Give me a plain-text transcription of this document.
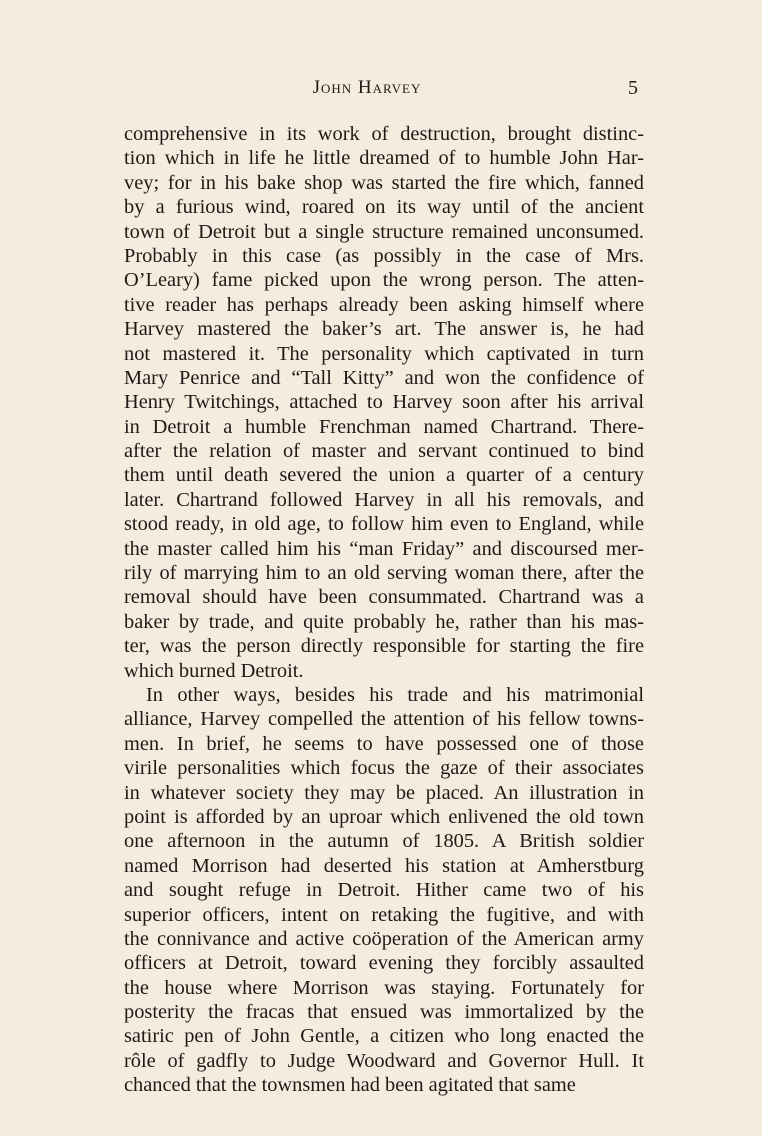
John Harvey	5
comprehensive in its work of destruction, brought distinc-
tion which in life he little dreamed of to humble John Har-
vey; for in his bake shop was started the fire which, fanned
by a furious wind, roared on its way until of the ancient
town of Detroit but a single structure remained unconsumed.
Probably in this case (as possibly in the case of Mrs.
O’Leary) fame picked upon the wrong person. The atten-
tive reader has perhaps already been asking himself where
Harvey mastered the baker’s art. The answer is, he had
not mastered it. The personality which captivated in turn
Mary Penrice and “Tall Kitty” and won the confidence of
Henry Twitchings, attached to Harvey soon after his arrival
in Detroit a humble Frenchman named Chartrand. There-
after the relation of master and servant continued to bind
them until death severed the union a quarter of a century
later. Chartrand followed Harvey in all his removals, and
stood ready, in old age, to follow him even to England, while
the master called him his “man Friday” and discoursed mer-
rily of marrying him to an old serving woman there, after the
removal should have been consummated. Chartrand was a
baker by trade, and quite probably he, rather than his mas-
ter, was the person directly responsible for starting the fire
which burned Detroit.
In other ways, besides his trade and his matrimonial
alliance, Harvey compelled the attention of his fellow towns-
men. In brief, he seems to have possessed one of those
virile personalities which focus the gaze of their associates
in whatever society they may be placed. An illustration in
point is afforded by an uproar which enlivened the old town
one afternoon in the autumn of 1805. A British soldier
named Morrison had deserted his station at Amherstburg
and sought refuge in Detroit. Hither came two of his
superior officers, intent on retaking the fugitive, and with
the connivance and active coöperation of the American army
officers at Detroit, toward evening they forcibly assaulted
the house where Morrison was staying. Fortunately for
posterity the fracas that ensued was immortalized by the
satiric pen of John Gentle, a citizen who long enacted the
rôle of gadfly to Judge Woodward and Governor Hull. It
chanced that the townsmen had been agitated that same
